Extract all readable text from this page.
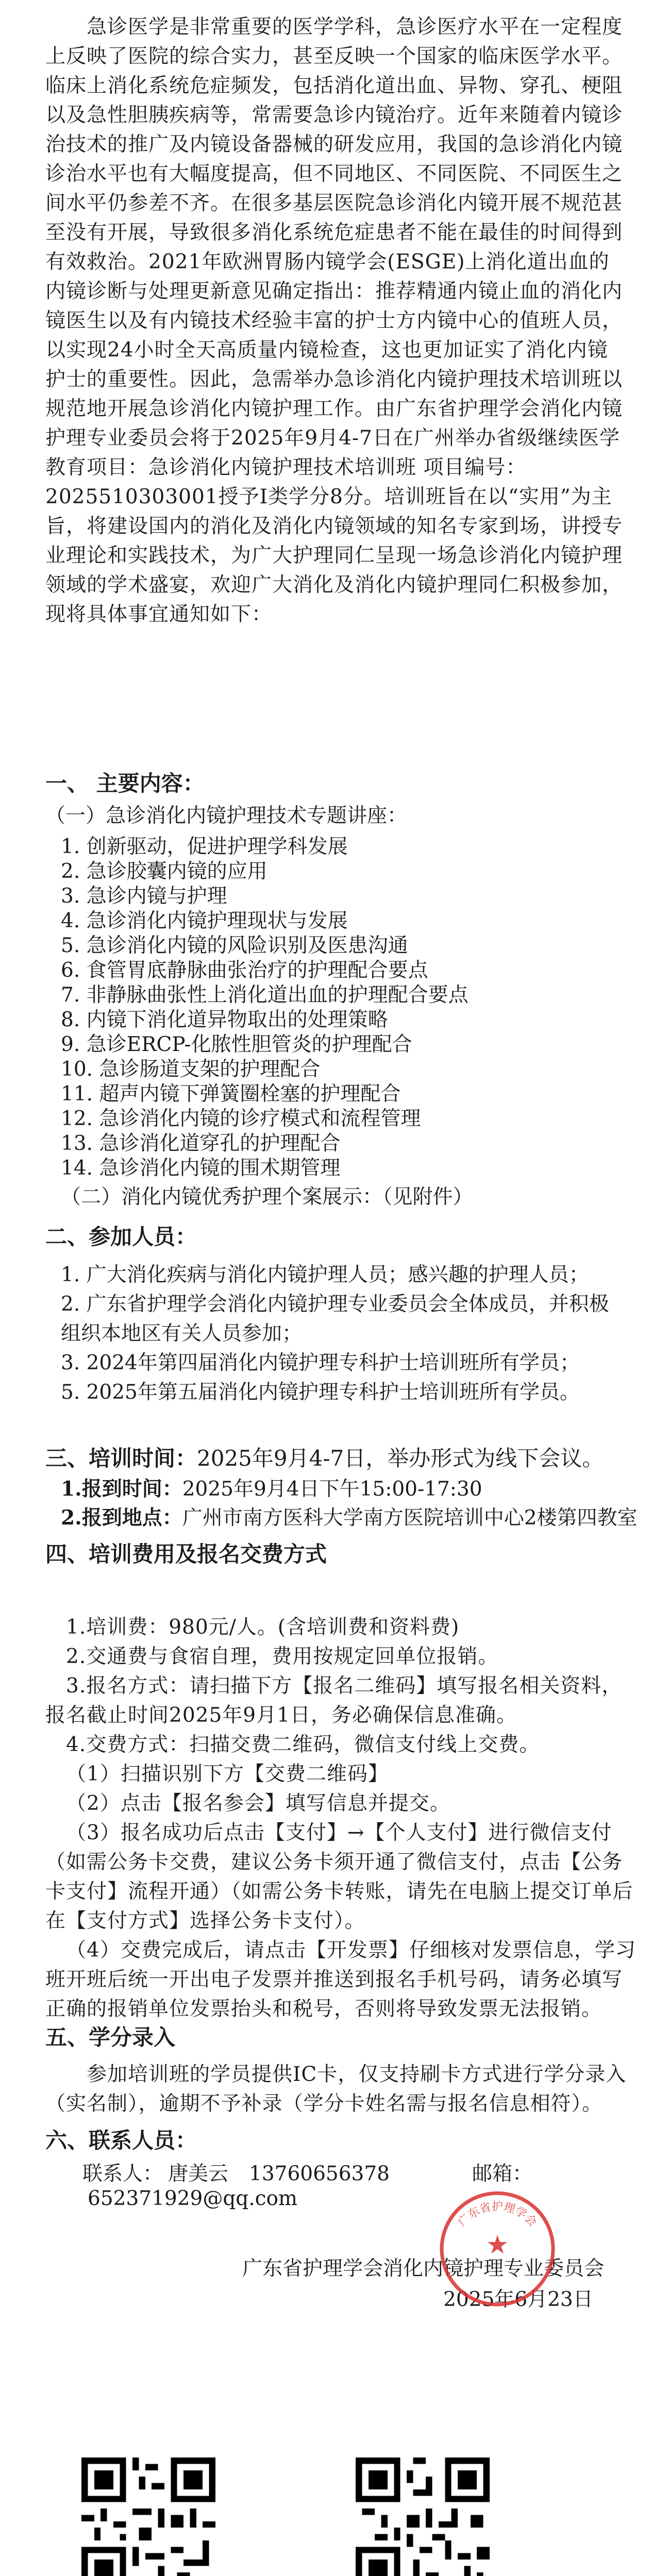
急诊医学是非常重要的医学学科，急诊医疗水平在一定程度上反映了医院的综合实力，甚至反映一个国家的临床医学水平。临床上消化系统危症频发，包括消化道出血、异物、穿孔、梗阻以及急性胆胰疾病等，常需要急诊内镜治疗。近年来随着内镜诊治技术的推广及内镜设备器械的研发应用，我国的急诊消化内镜诊治水平也有大幅度提高，但不同地区、不同医院、不同医生之间水平仍参差不齐。在很多基层医院急诊消化内镜开展不规范甚至没有开展，导致很多消化系统危症患者不能在最佳的时间得到有效救治。2021年欧洲胃肠内镜学会(ESGE)上消化道出血的内镜诊断与处理更新意见确定指出：推荐精通内镜止血的消化内镜医生以及有内镜技术经验丰富的护士方内镜中心的值班人员，以实现24小时全天高质量内镜检查，这也更加证实了消化内镜护士的重要性。因此，急需举办急诊消化内镜护理技术培训班以规范地开展急诊消化内镜护理工作。由广东省护理学会消化内镜护理专业委员会将于2025年9月4-7日在广州举办省级继续医学教育项目：急诊消化内镜护理技术培训班 项目编号：2025510303001授予Ⅰ类学分8分。培训班旨在以“实用”为主旨，将建设国内的消化及消化内镜领域的知名专家到场，讲授专业理论和实践技术，为广大护理同仁呈现一场急诊消化内镜护理领域的学术盛宴，欢迎广大消化及消化内镜护理同仁积极参加，现将具体事宜通知如下：

一、 主要内容：

（一）急诊消化内镜护理技术专题讲座：

1. 创新驱动，促进护理学科发展
2. 急诊胶囊内镜的应用
3. 急诊内镜与护理
4. 急诊消化内镜护理现状与发展
5. 急诊消化内镜的风险识别及医患沟通
6. 食管胃底静脉曲张治疗的护理配合要点
7. 非静脉曲张性上消化道出血的护理配合要点
8. 内镜下消化道异物取出的处理策略
9. 急诊ERCP-化脓性胆管炎的护理配合
10. 急诊肠道支架的护理配合
11. 超声内镜下弹簧圈栓塞的护理配合
12. 急诊消化内镜的诊疗模式和流程管理
13. 急诊消化道穿孔的护理配合
14. 急诊消化内镜的围术期管理

（二）消化内镜优秀护理个案展示：（见附件）

二、参加人员：

1. 广大消化疾病与消化内镜护理人员；感兴趣的护理人员；
2. 广东省护理学会消化内镜护理专业委员会全体成员，并积极组织本地区有关人员参加；
3. 2024年第四届消化内镜护理专科护士培训班所有学员；
5. 2025年第五届消化内镜护理专科护士培训班所有学员。

三、培训时间：2025年9月4-7日，举办形式为线下会议。

1.报到时间：2025年9月4日下午15:00-17:30

2.报到地点：广州市南方医科大学南方医院培训中心2楼第四教室

四、培训费用及报名交费方式

1.培训费：980元/人。(含培训费和资料费)
2.交通费与食宿自理，费用按规定回单位报销。
3.报名方式：请扫描下方【报名二维码】填写报名相关资料，报名截止时间2025年9月1日，务必确保信息准确。
4.交费方式：扫描交费二维码，微信支付线上交费。
（1）扫描识别下方【交费二维码】
（2）点击【报名参会】填写信息并提交。
（3）报名成功后点击【支付】→【个人支付】进行微信支付（如需公务卡交费，建议公务卡须开通了微信支付，点击【公务卡支付】流程开通）（如需公务卡转账，请先在电脑上提交订单后在【支付方式】选择公务卡支付）。
（4）交费完成后，请点击【开发票】仔细核对发票信息，学习班开班后统一开出电子发票并推送到报名手机号码，请务必填写正确的报销单位发票抬头和税号，否则将导致发票无法报销。

五、学分录入

参加培训班的学员提供IC卡，仅支持刷卡方式进行学分录入（实名制），逾期不予补录（学分卡姓名需与报名信息相符）。

六、联系人员：

联系人： 唐美云 13760656378	邮箱：652371929@qq.com

广东省护理学会消化内镜护理专业委员会

2025年6月23日

★
广东省护理学会
